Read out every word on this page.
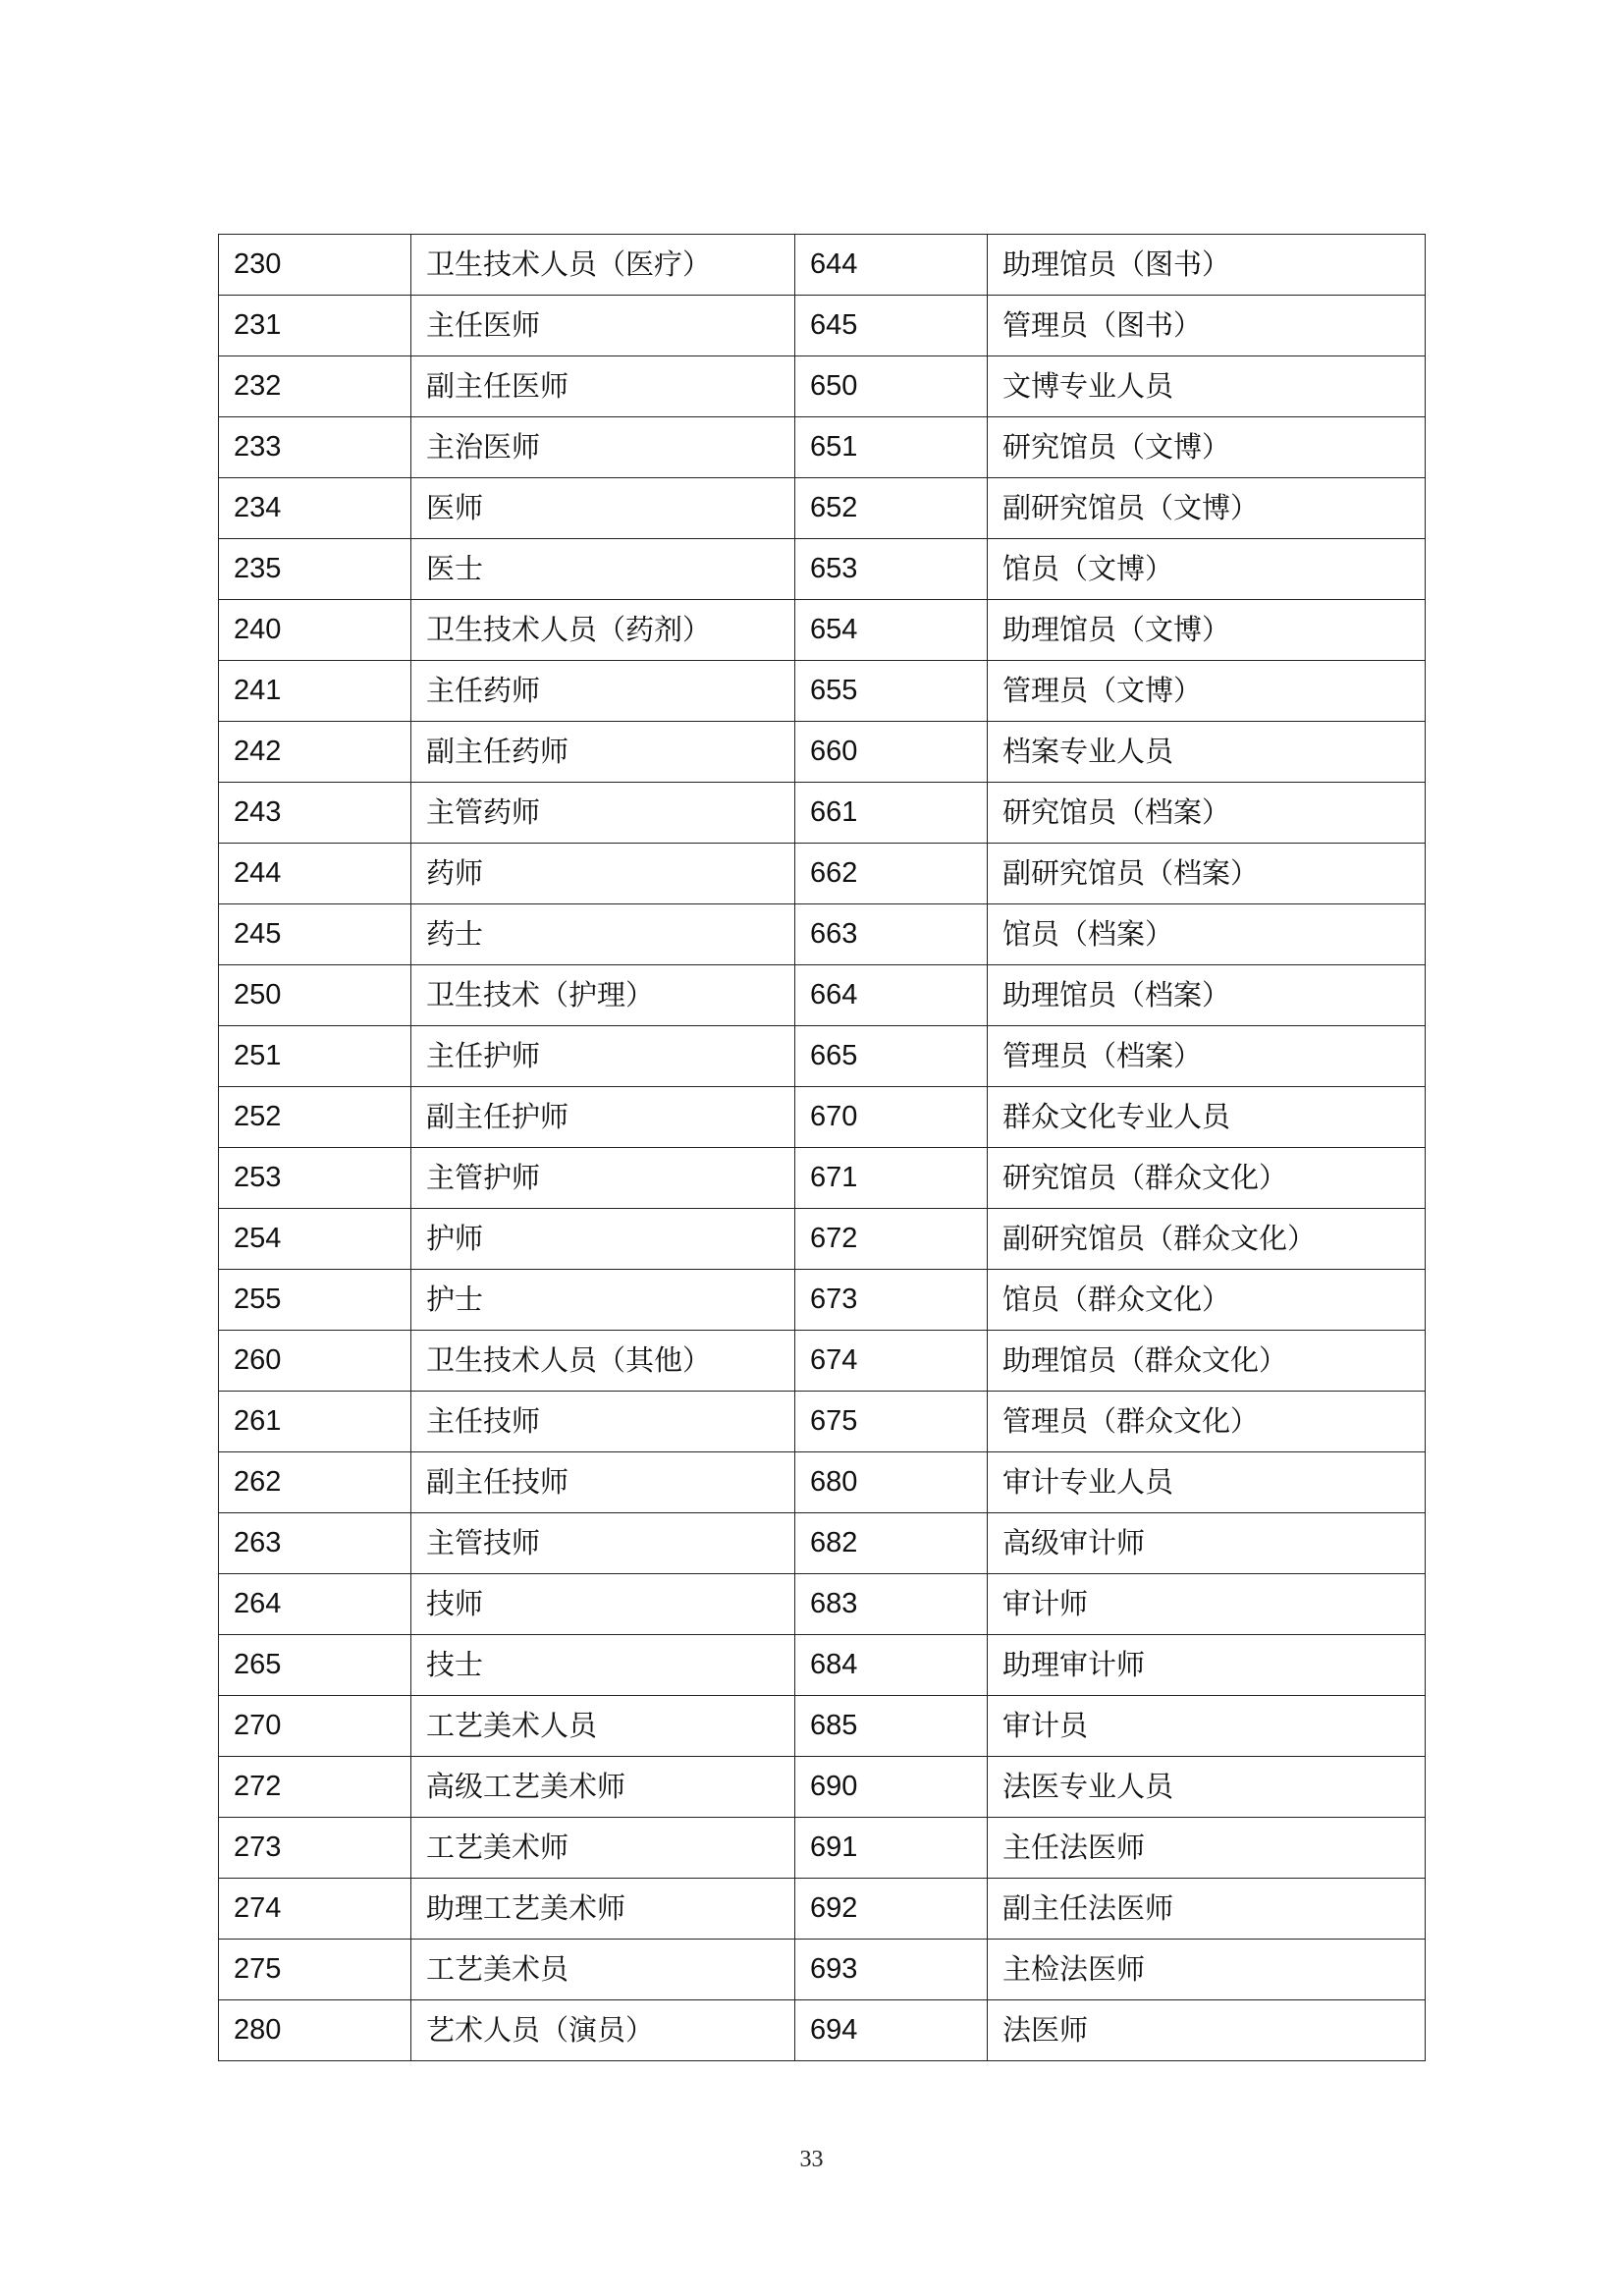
230	卫生技术人员（医疗）	644	助理馆员（图书）
231	主任医师	645	管理员（图书）
232	副主任医师	650	文博专业人员
233	主治医师	651	研究馆员（文博）
234	医师	652	副研究馆员（文博）
235	医士	653	馆员（文博）
240	卫生技术人员（药剂）	654	助理馆员（文博）
241	主任药师	655	管理员（文博）
242	副主任药师	660	档案专业人员
243	主管药师	661	研究馆员（档案）
244	药师	662	副研究馆员（档案）
245	药士	663	馆员（档案）
250	卫生技术（护理）	664	助理馆员（档案）
251	主任护师	665	管理员（档案）
252	副主任护师	670	群众文化专业人员
253	主管护师	671	研究馆员（群众文化）
254	护师	672	副研究馆员（群众文化）
255	护士	673	馆员（群众文化）
260	卫生技术人员（其他）	674	助理馆员（群众文化）
261	主任技师	675	管理员（群众文化）
262	副主任技师	680	审计专业人员
263	主管技师	682	高级审计师
264	技师	683	审计师
265	技士	684	助理审计师
270	工艺美术人员	685	审计员
272	高级工艺美术师	690	法医专业人员
273	工艺美术师	691	主任法医师
274	助理工艺美术师	692	副主任法医师
275	工艺美术员	693	主检法医师
280	艺术人员（演员）	694	法医师
33
